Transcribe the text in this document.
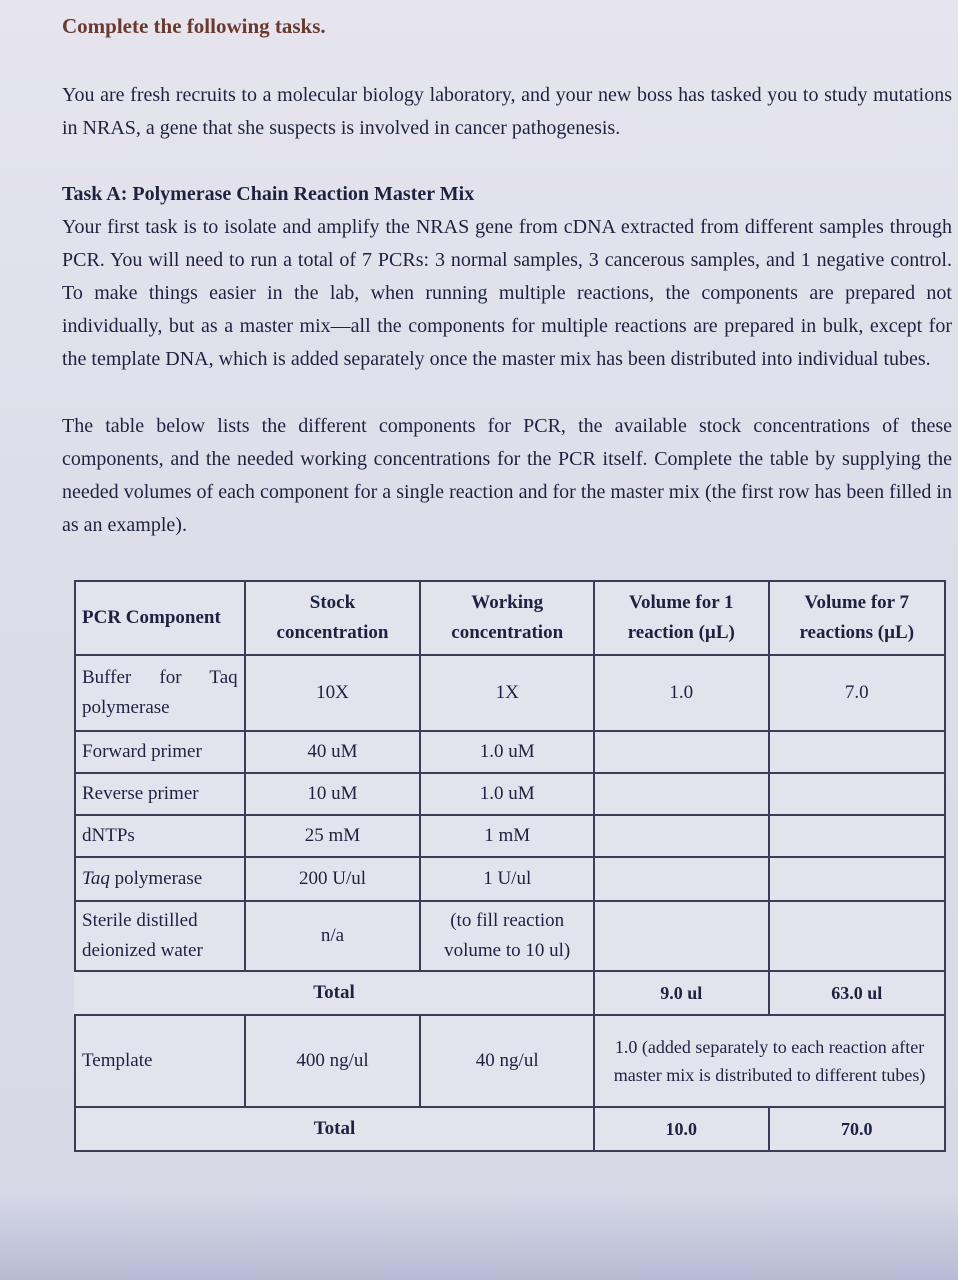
Complete the following tasks.

You are fresh recruits to a molecular biology laboratory, and your new boss has tasked you to study mutations in NRAS, a gene that she suspects is involved in cancer pathogenesis.

Task A: Polymerase Chain Reaction Master Mix

Your first task is to isolate and amplify the NRAS gene from cDNA extracted from different samples through PCR. You will need to run a total of 7 PCRs: 3 normal samples, 3 cancerous samples, and 1 negative control. To make things easier in the lab, when running multiple reactions, the components are prepared not individually, but as a master mix—all the components for multiple reactions are prepared in bulk, except for the template DNA, which is added separately once the master mix has been distributed into individual tubes.

The table below lists the different components for PCR, the available stock concentrations of these components, and the needed working concentrations for the PCR itself. Complete the table by supplying the needed volumes of each component for a single reaction and for the master mix (the first row has been filled in as an example).

PCR Component	Stock concentration	Working concentration	Volume for 1 reaction (µL)	Volume for 7 reactions (µL)
Buffer for Taq polymerase	10X	1X	1.0	7.0
Forward primer	40 uM	1.0 uM		
Reverse primer	10 uM	1.0 uM		
dNTPs	25 mM	1 mM		
Taq polymerase	200 U/ul	1 U/ul		
Sterile distilled deionized water	n/a	(to fill reaction volume to 10 ul)		
Total			9.0 ul	63.0 ul
Template	400 ng/ul	40 ng/ul	1.0 (added separately to each reaction after master mix is distributed to different tubes)	
Total			10.0	70.0
